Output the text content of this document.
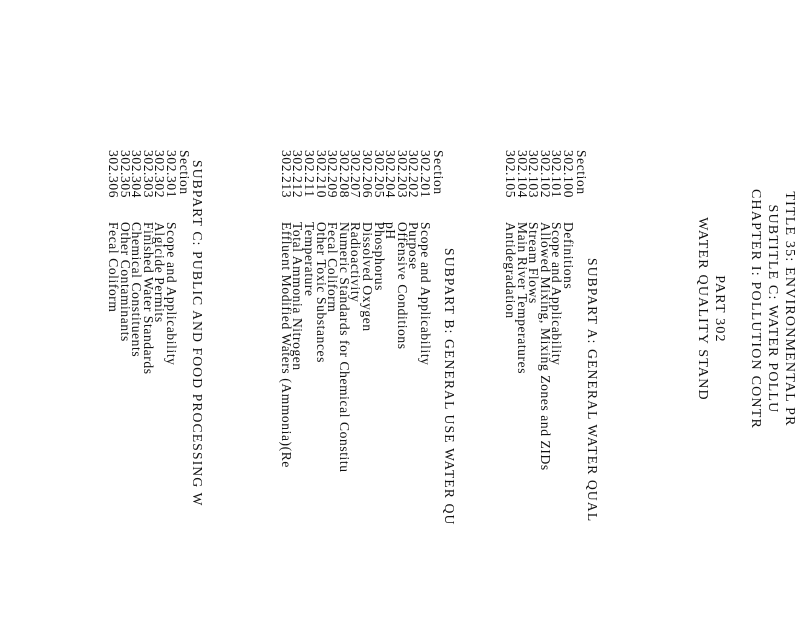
TITLE 35: ENVIRONMENTAL PR
SUBTITLE C: WATER POLLU
CHAPTER I: POLLUTION CONTR
PART 302
WATER QUALITY STAND
SUBPART A: GENERAL WATER QUAL
Section
302.100
Definitions
302.101
Scope and Applicability
302.102
Allowed Mixing, Mixing Zones and ZIDs
302.103
Stream Flows
302.104
Main River Temperatures
302.105
Antidegradation
SUBPART B: GENERAL USE WATER QU
Section
302.201
Scope and Applicability
302.202
Purpose
302.203
Offensive Conditions
302.204
pH
302.205
Phosphorus
302.206
Dissolved Oxygen
302.207
Radioactivity
302.208
Numeric Standards for Chemical Constitu
302.209
Fecal Coliform
302.210
Other Toxic Substances
302.211
Temperature
302.212
Total Ammonia Nitrogen
302.213
Effluent Modified Waters (Ammonia)(Re
SUBPART C: PUBLIC AND FOOD PROCESSING W
Section
302.301
Scope and Applicability
302.302
Algicide Permits
302.303
Finished Water Standards
302.304
Chemical Constituents
302.305
Other Contaminants
302.306
Fecal Coliform
